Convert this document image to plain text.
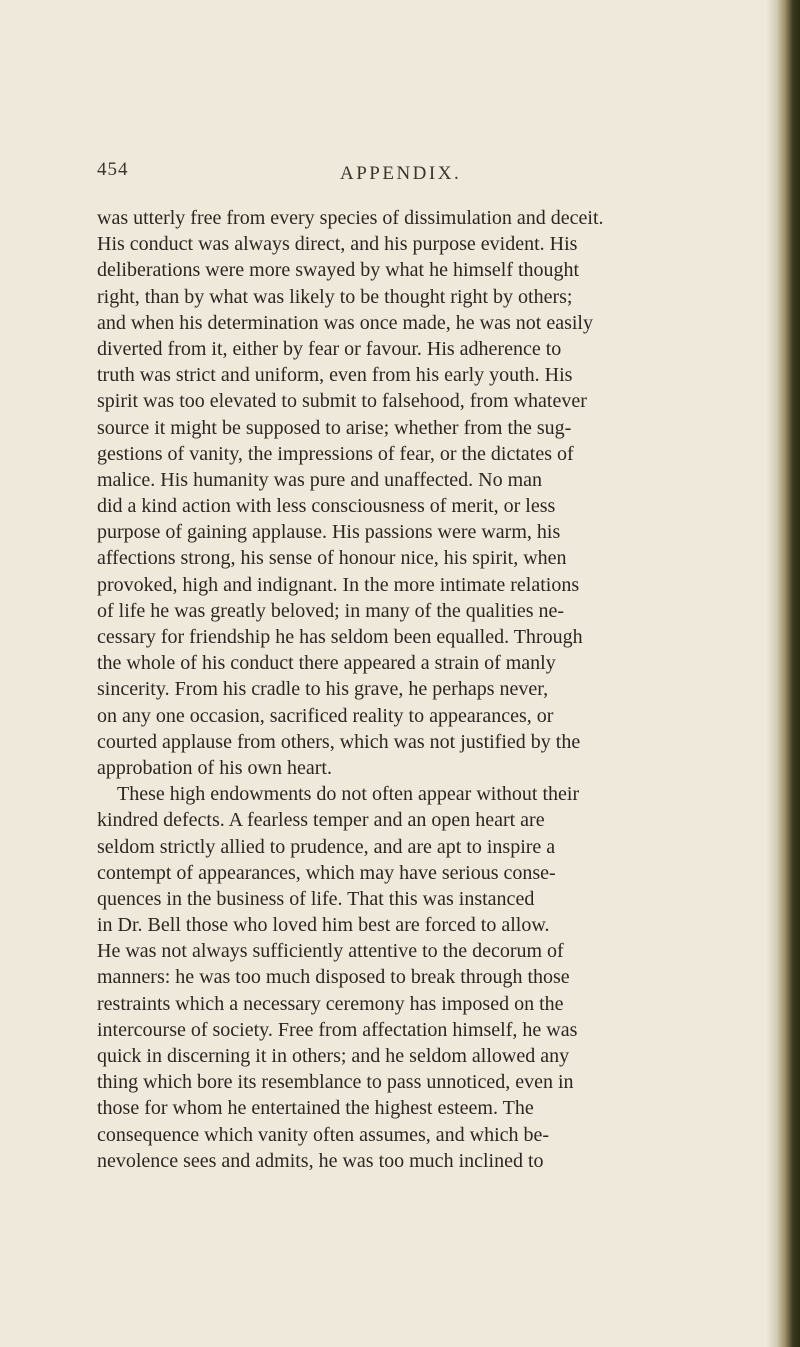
454	APPENDIX.
was utterly free from every species of dissimulation and deceit.
His conduct was always direct, and his purpose evident. His
deliberations were more swayed by what he himself thought
right, than by what was likely to be thought right by others;
and when his determination was once made, he was not easily
diverted from it, either by fear or favour. His adherence to
truth was strict and uniform, even from his early youth. His
spirit was too elevated to submit to falsehood, from whatever
source it might be supposed to arise; whether from the sug-
gestions of vanity, the impressions of fear, or the dictates of
malice. His humanity was pure and unaffected. No man
did a kind action with less consciousness of merit, or less
purpose of gaining applause. His passions were warm, his
affections strong, his sense of honour nice, his spirit, when
provoked, high and indignant. In the more intimate relations
of life he was greatly beloved; in many of the qualities ne-
cessary for friendship he has seldom been equalled. Through
the whole of his conduct there appeared a strain of manly
sincerity. From his cradle to his grave, he perhaps never,
on any one occasion, sacrificed reality to appearances, or
courted applause from others, which was not justified by the
approbation of his own heart.
These high endowments do not often appear without their
kindred defects. A fearless temper and an open heart are
seldom strictly allied to prudence, and are apt to inspire a
contempt of appearances, which may have serious conse-
quences in the business of life. That this was instanced
in Dr. Bell those who loved him best are forced to allow.
He was not always sufficiently attentive to the decorum of
manners: he was too much disposed to break through those
restraints which a necessary ceremony has imposed on the
intercourse of society. Free from affectation himself, he was
quick in discerning it in others; and he seldom allowed any
thing which bore its resemblance to pass unnoticed, even in
those for whom he entertained the highest esteem. The
consequence which vanity often assumes, and which be-
nevolence sees and admits, he was too much inclined to
